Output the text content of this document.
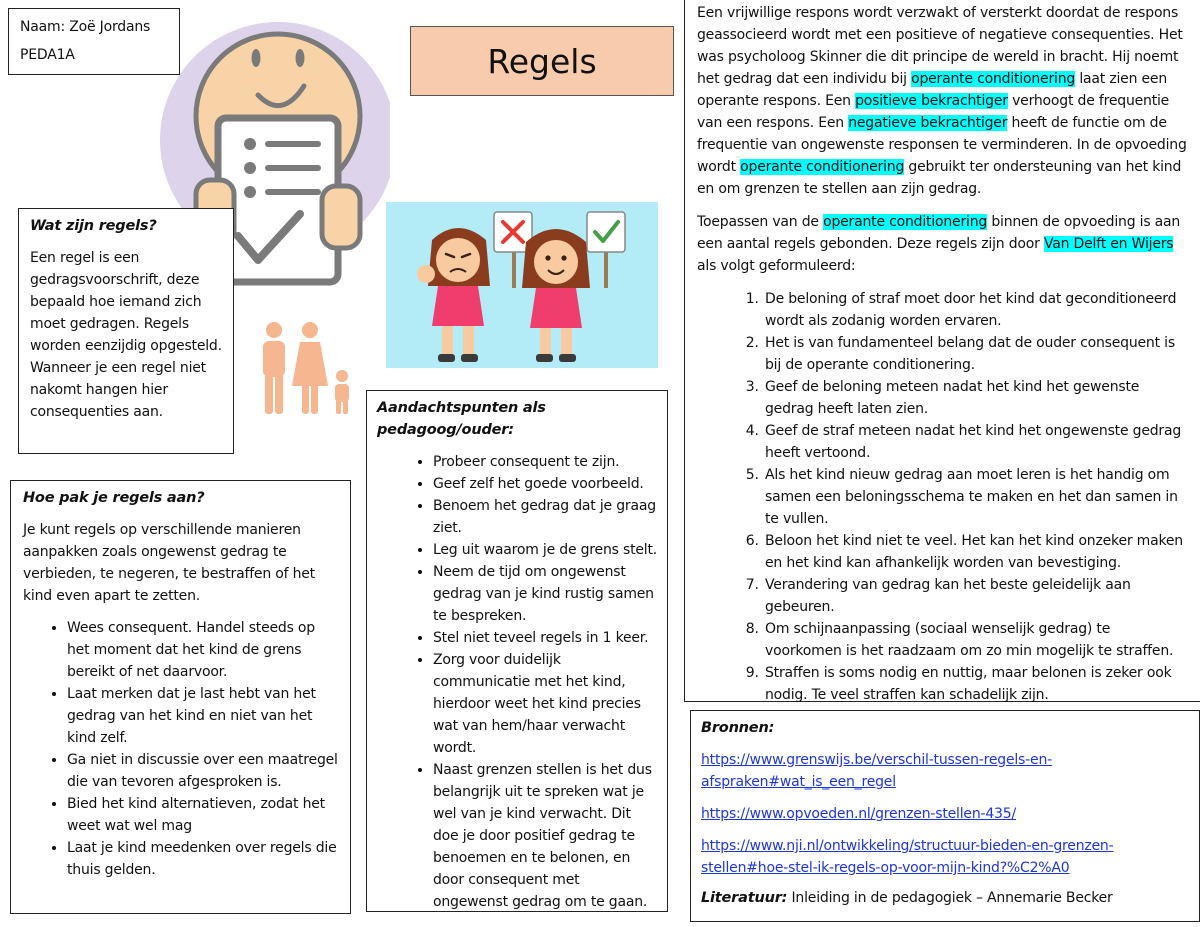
Naam: Zoë Jordans
PEDA1A	Regels
Wat zijn regels?
Een regel is een gedragsvoorschrift, deze bepaald hoe iemand zich moet gedragen. Regels worden eenzijdig opgesteld. Wanneer je een regel niet nakomt hangen hier consequenties aan.
Hoe pak je regels aan?
Je kunt regels op verschillende manieren aanpakken zoals ongewenst gedrag te verbieden, te negeren, te bestraffen of het kind even apart te zetten.
• Wees consequent. Handel steeds op het moment dat het kind de grens bereikt of net daarvoor.
• Laat merken dat je last hebt van het gedrag van het kind en niet van het kind zelf.
• Ga niet in discussie over een maatregel die van tevoren afgesproken is.
• Bied het kind alternatieven, zodat het weet wat wel mag
• Laat je kind meedenken over regels die thuis gelden.
Aandachtspunten als pedagoog/ouder:
• Probeer consequent te zijn.
• Geef zelf het goede voorbeeld.
• Benoem het gedrag dat je graag ziet.
• Leg uit waarom je de grens stelt.
• Neem de tijd om ongewenst gedrag van je kind rustig samen te bespreken.
• Stel niet teveel regels in 1 keer.
• Zorg voor duidelijk communicatie met het kind, hierdoor weet het kind precies wat van hem/haar verwacht wordt.
• Naast grenzen stellen is het dus belangrijk uit te spreken wat je wel van je kind verwacht. Dit doe je door positief gedrag te benoemen en te belonen, en door consequent met ongewenst gedrag om te gaan.

Een vrijwillige respons wordt verzwakt of versterkt doordat de respons geassocieerd wordt met een positieve of negatieve consequenties. Het was psycholoog Skinner die dit principe de wereld in bracht. Hij noemt het gedrag dat een individu bij operante conditionering laat zien een operante respons. Een positieve bekrachtiger verhoogt de frequentie van een respons. Een negatieve bekrachtiger heeft de functie om de frequentie van ongewenste responsen te verminderen. In de opvoeding wordt operante conditionering gebruikt ter ondersteuning van het kind en om grenzen te stellen aan zijn gedrag.

Toepassen van de operante conditionering binnen de opvoeding is aan een aantal regels gebonden. Deze regels zijn door Van Delft en Wijers als volgt geformuleerd:

1. De beloning of straf moet door het kind dat geconditioneerd wordt als zodanig worden ervaren.
2. Het is van fundamenteel belang dat de ouder consequent is bij de operante conditionering.
3. Geef de beloning meteen nadat het kind het gewenste gedrag heeft laten zien.
4. Geef de straf meteen nadat het kind het ongewenste gedrag heeft vertoond.
5. Als het kind nieuw gedrag aan moet leren is het handig om samen een beloningsschema te maken en het dan samen in te vullen.
6. Beloon het kind niet te veel. Het kan het kind onzeker maken en het kind kan afhankelijk worden van bevestiging.
7. Verandering van gedrag kan het beste geleidelijk aan gebeuren.
8. Om schijnaanpassing (sociaal wenselijk gedrag) te voorkomen is het raadzaam om zo min mogelijk te straffen.
9. Straffen is soms nodig en nuttig, maar belonen is zeker ook nodig. Te veel straffen kan schadelijk zijn.
Bronnen:
https://www.grenswijs.be/verschil-tussen-regels-en-afspraken#wat_is_een_regel
https://www.opvoeden.nl/grenzen-stellen-435/
https://www.nji.nl/ontwikkeling/structuur-bieden-en-grenzen-stellen#hoe-stel-ik-regels-op-voor-mijn-kind?%C2%A0
Literatuur: Inleiding in de pedagogiek – Annemarie Becker
